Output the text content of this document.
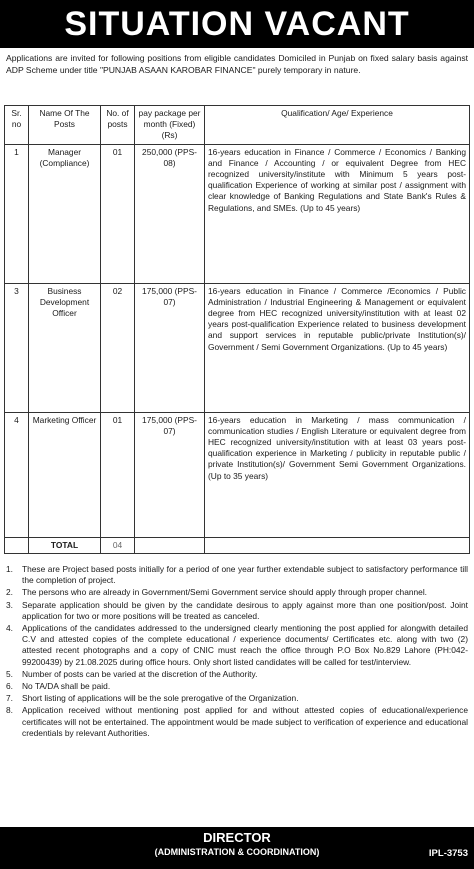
SITUATION VACANT
Applications are invited for following positions from eligible candidates Domiciled in Punjab on fixed salary basis against ADP Scheme under title "PUNJAB ASAAN KAROBAR FINANCE" purely temporary in nature.
Sr. no	Name Of The Posts	No. of posts	pay package per month (Fixed) (Rs)	Qualification/ Age/ Experience
1	Manager (Compliance)	01	250,000 (PPS-08)	16-years education in Finance / Commerce / Economics / Banking and Finance / Accounting / or equivalent Degree from HEC recognized university/institute with Minimum 5 years post-qualification Experience of working at similar post / assignment with clear knowledge of Banking Regulations and State Bank's Rules & Regulations, and SMEs. (Up to 45 years)
3	Business Development Officer	02	175,000 (PPS-07)	16-years education in Finance / Commerce /Economics / Public Administration / Industrial Engineering & Management or equivalent degree from HEC recognized university/institution with at least 02 years post-qualification Experience related to business development and support services in reputable public/private Institution(s)/ Government / Semi Government Organizations. (Up to 45 years)
4	Marketing Officer	01	175,000 (PPS-07)	16-years education in Marketing / mass communication / communication studies / English Literature or equivalent degree from HEC recognized university/institution with at least 03 years post-qualification experience in Marketing / publicity in reputable public / private Institution(s)/ Government Semi Government Organizations. (Up to 35 years)
	TOTAL	04		
1.	These are Project based posts initially for a period of one year further extendable subject to satisfactory performance till the completion of project.
2.	The persons who are already in Government/Semi Government service should apply through proper channel.
3.	Separate application should be given by the candidate desirous to apply against more than one position/post. Joint application for two or more positions will be treated as canceled.
4.	Applications of the candidates addressed to the undersigned clearly mentioning the post applied for alongwith detailed C.V and attested copies of the complete educational / experience documents/ Certificates etc. along with two (2) attested recent photographs and a copy of CNIC must reach the office through P.O Box No.829 Lahore (PH:042-99200439) by 21.08.2025 during office hours. Only short listed candidates will be called for test/interview.
5.	Number of posts can be varied at the discretion of the Authority.
6.	No TA/DA shall be paid.
7.	Short listing of applications will be the sole prerogative of the Organization.
8.	Application received without mentioning post applied for and without attested copies of educational/experience certificates will not be entertained. The appointment would be made subject to verification of experience and educational credentials by relevant Authorities.
DIRECTOR
(ADMINISTRATION & COORDINATION)	IPL-3753
